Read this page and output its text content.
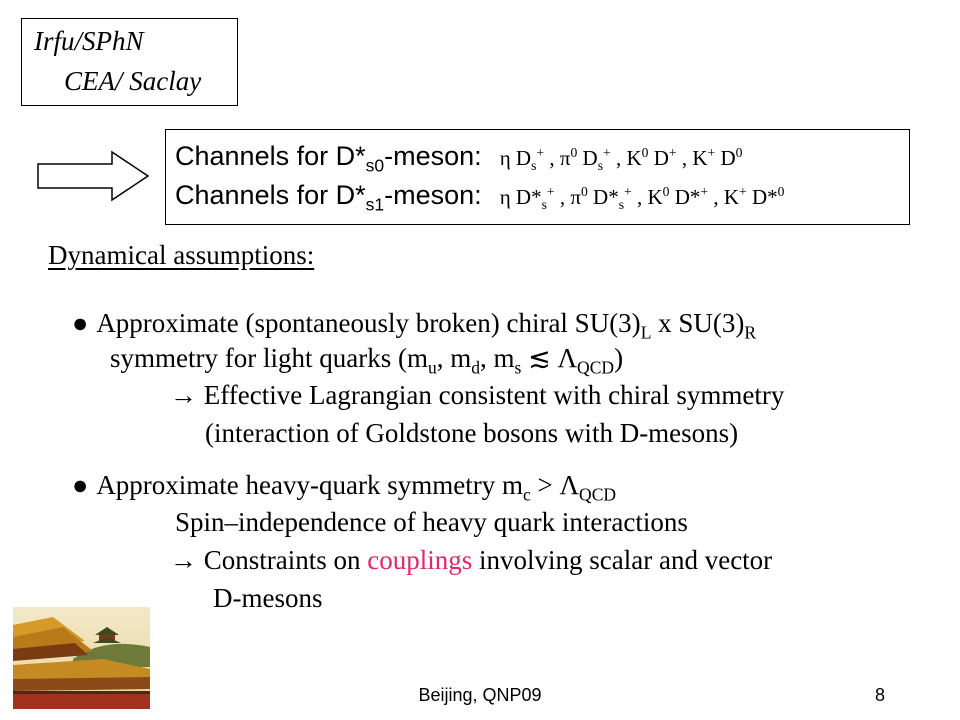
Irfu/SPhN
CEA/ Saclay
Channels for $D*_{s0}$-meson: η $D_s^+$ , $\pi^0$ $D_s^+$ , $K^0$ D+ , K+ $D^0$
Channels for $D*_{s1}$-meson: η $D*_s^+$ , $\pi^0$ $D*_s^+$ , $K^0$ D*+ , K+ D*$^0$
Dynamical assumptions:
● Approximate (spontaneously broken) chiral $SU(3)_L$ x $SU(3)_R$
symmetry for light quarks ($m_u$, $m_d$, $m_s$ ≲ $\Lambda_{QCD}$)
→ Effective Lagrangian consistent with chiral symmetry
(interaction of Goldstone bosons with D-mesons)
● Approximate heavy-quark symmetry $m_c > \Lambda_{QCD}$
Spin–independence of heavy quark interactions
→ Constraints on couplings involving scalar and vector
D-mesons
Beijing, QNP09	8
